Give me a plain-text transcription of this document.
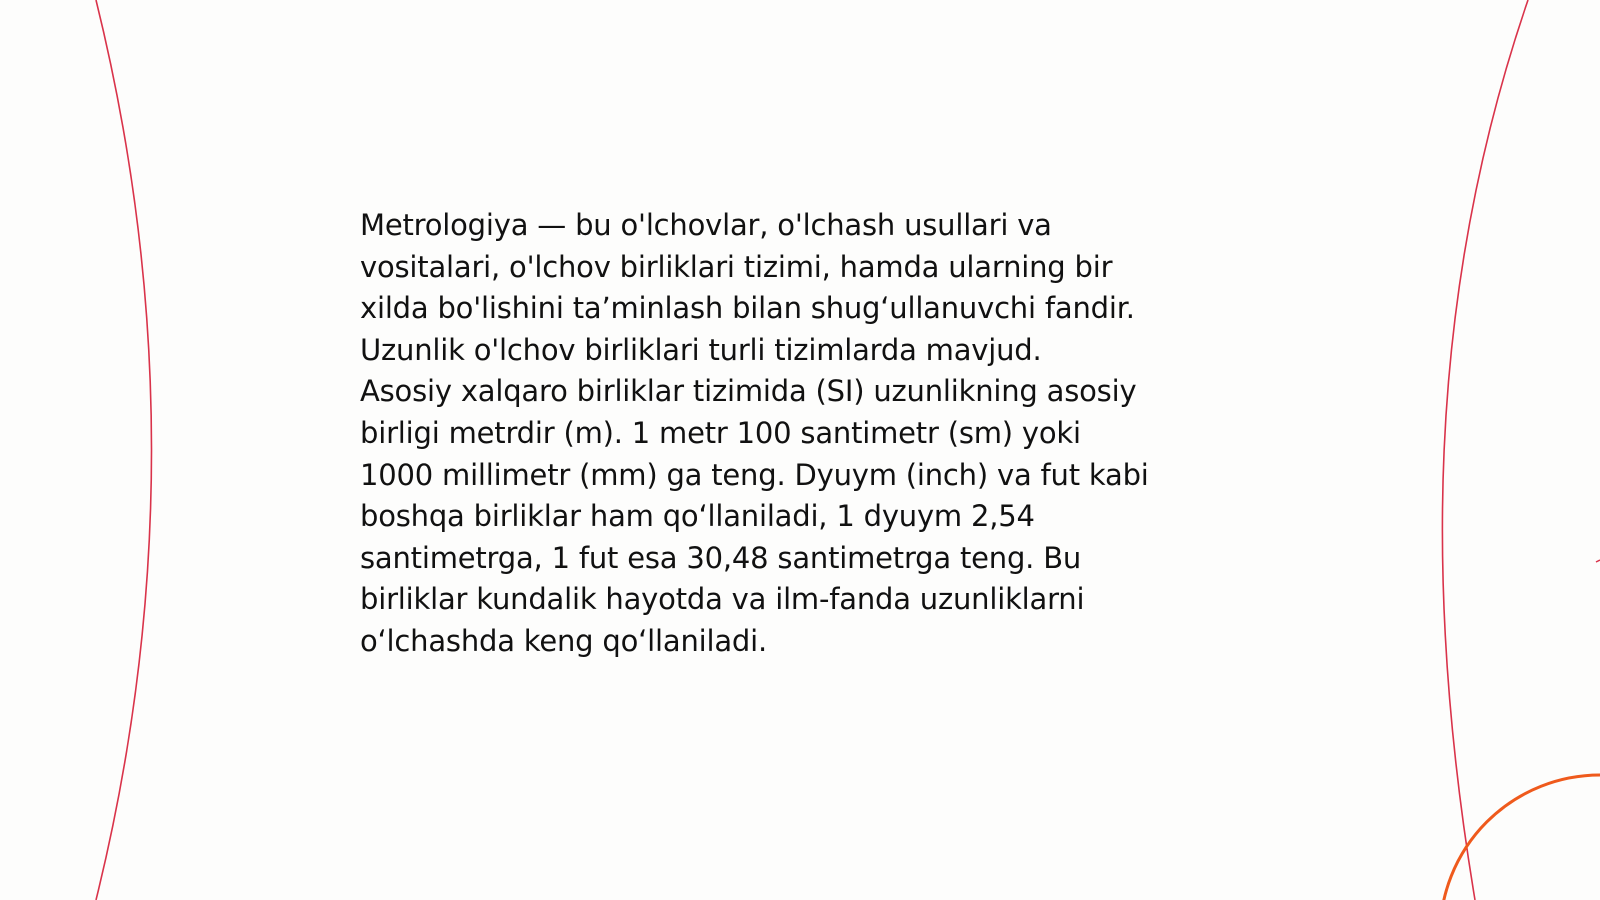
Metrologiya — bu o'lchovlar, o'lchash usullari va
vositalari, o'lchov birliklari tizimi, hamda ularning bir
xilda bo'lishini ta’minlash bilan shug‘ullanuvchi fandir.
Uzunlik o'lchov birliklari turli tizimlarda mavjud.
Asosiy xalqaro birliklar tizimida (SI) uzunlikning asosiy
birligi metrdir (m). 1 metr 100 santimetr (sm) yoki
1000 millimetr (mm) ga teng. Dyuym (inch) va fut kabi
boshqa birliklar ham qo‘llaniladi, 1 dyuym 2,54
santimetrga, 1 fut esa 30,48 santimetrga teng. Bu
birliklar kundalik hayotda va ilm-fanda uzunliklarni
o‘lchashda keng qo‘llaniladi.
